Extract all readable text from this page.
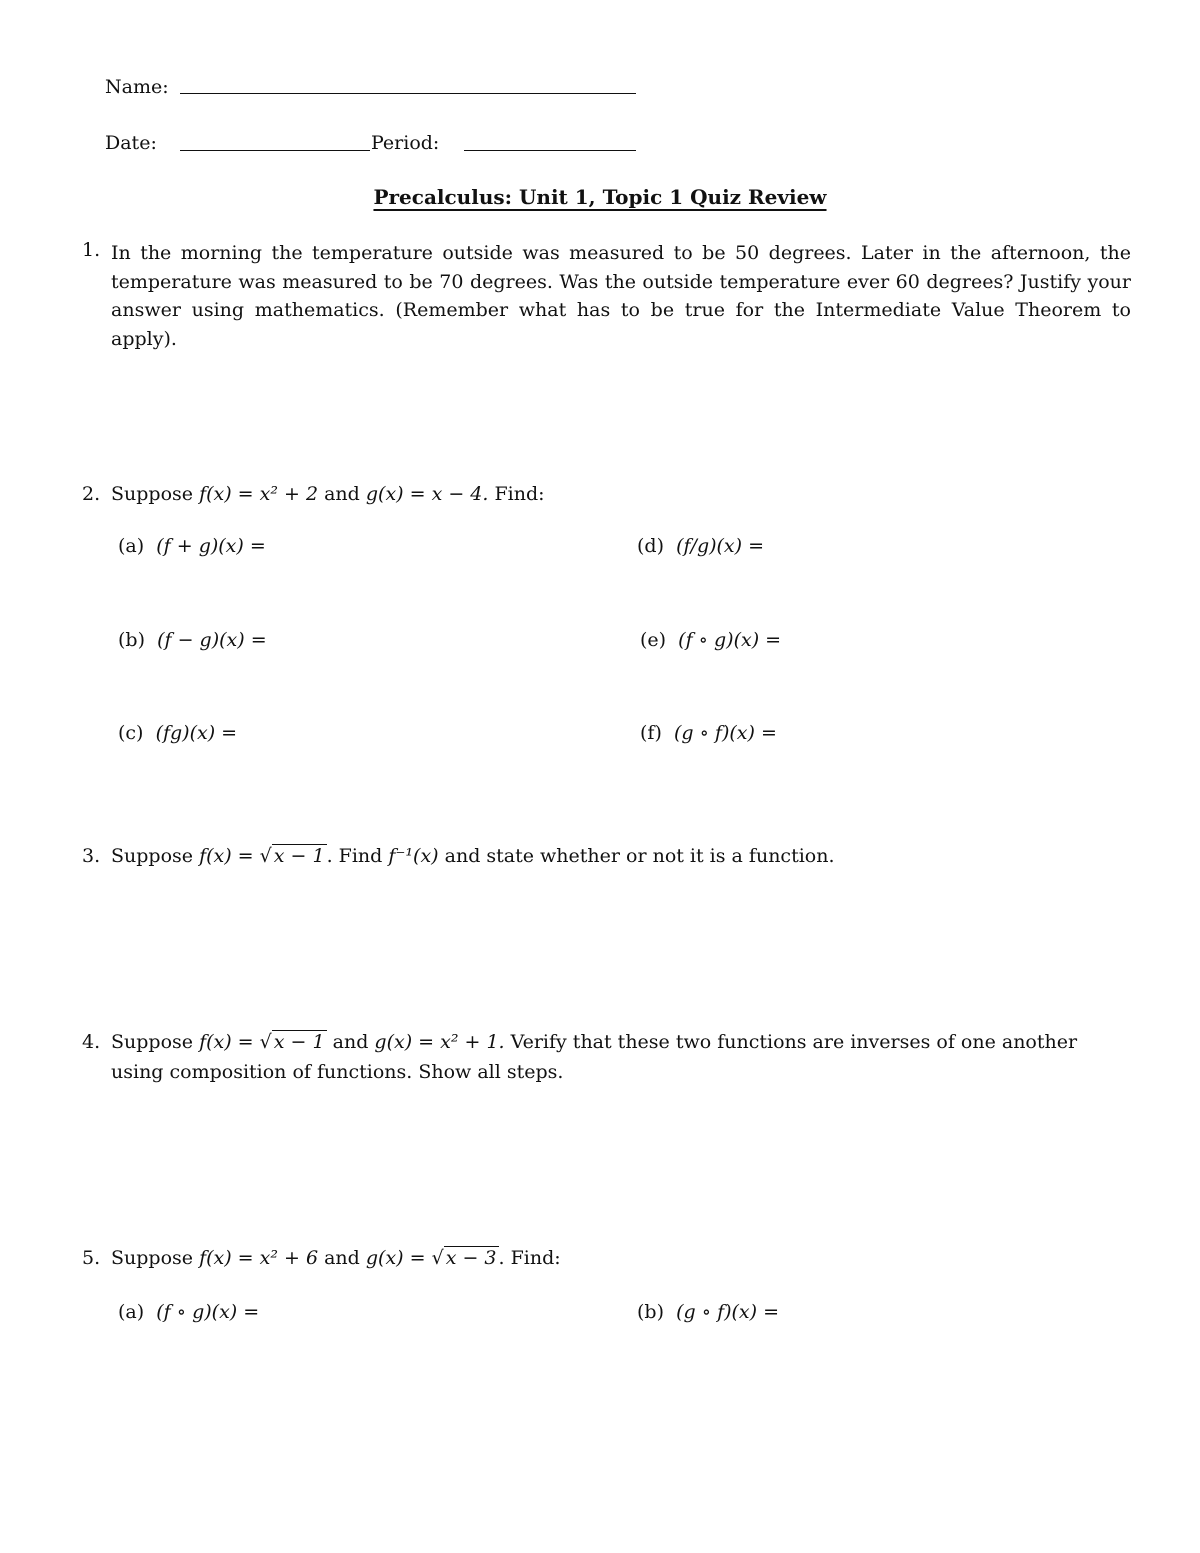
Name:
Date:	Period:
Precalculus: Unit 1, Topic 1 Quiz Review
1. In the morning the temperature outside was measured to be 50 degrees. Later in the afternoon, the temperature was measured to be 70 degrees. Was the outside temperature ever 60 degrees? Justify your answer using mathematics. (Remember what has to be true for the Intermediate Value Theorem to apply).
2. Suppose f(x) = x² + 2 and g(x) = x − 4. Find:
(a) (f + g)(x) =
(b) (f − g)(x) =
(c) (fg)(x) =
(d) (f/g)(x) =
(e) (f ∘ g)(x) =
(f) (g ∘ f)(x) =
3. Suppose f(x) = √ x − 1 . Find f⁻¹(x) and state whether or not it is a function.
4. Suppose f(x) = √ x − 1 and g(x) = x² + 1. Verify that these two functions are inverses of one another
using composition of functions. Show all steps.
5. Suppose f(x) = x² + 6 and g(x) = √ x − 3 . Find:
(a) (f ∘ g)(x) =	(b) (g ∘ f)(x) =
